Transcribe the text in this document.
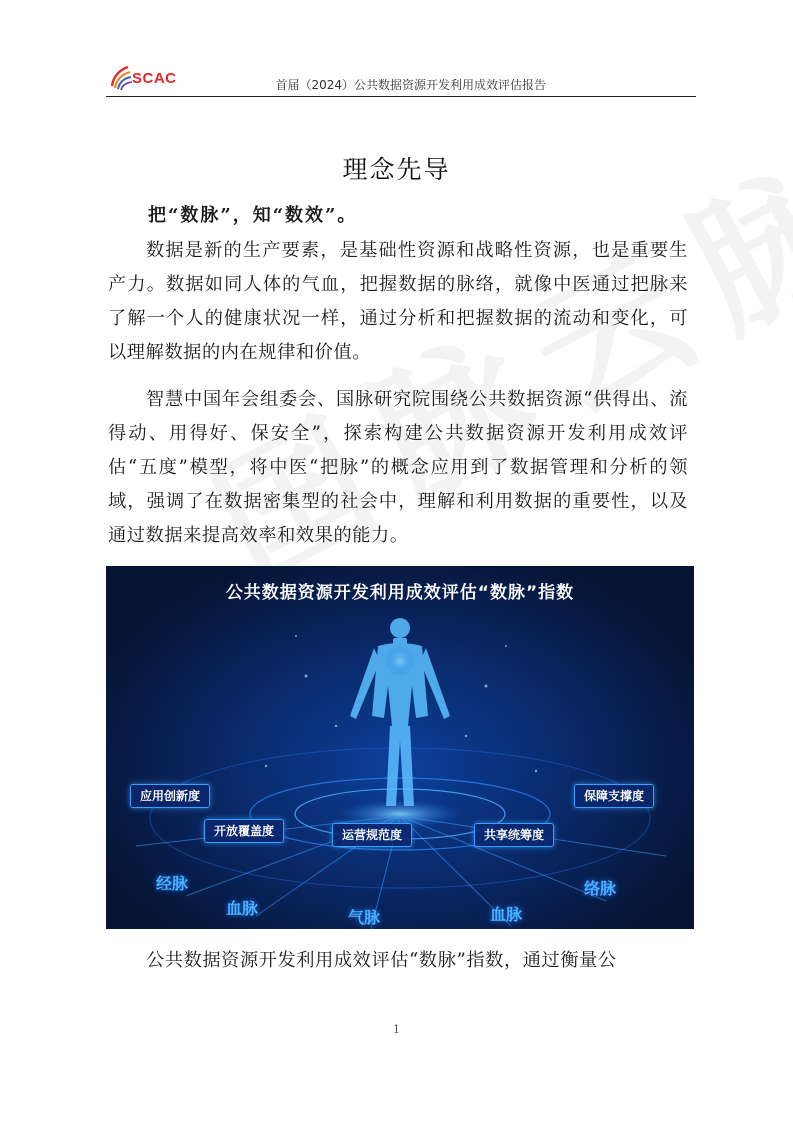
SCAC	首届（2024）公共数据资源开发利用成效评估报告
理念先导
把“数脉”，知“数效”。
数据是新的生产要素，是基础性资源和战略性资源，也是重要生产力。数据如同人体的气血，把握数据的脉络，就像中医通过把脉来了解一个人的健康状况一样，通过分析和把握数据的流动和变化，可以理解数据的内在规律和价值。
智慧中国年会组委会、国脉研究院围绕公共数据资源“供得出、流得动、用得好、保安全”，探索构建公共数据资源开发利用成效评估“五度”模型，将中医“把脉”的概念应用到了数据管理和分析的领域，强调了在数据密集型的社会中，理解和利用数据的重要性，以及通过数据来提高效率和效果的能力。
公共数据资源开发利用成效评估“数脉”指数
应用创新度
开放覆盖度	运营规范度	共享统筹度
保障支撑度
经脉
血脉	气脉	血脉
络脉
公共数据资源开发利用成效评估“数脉”指数，通过衡量公
1
